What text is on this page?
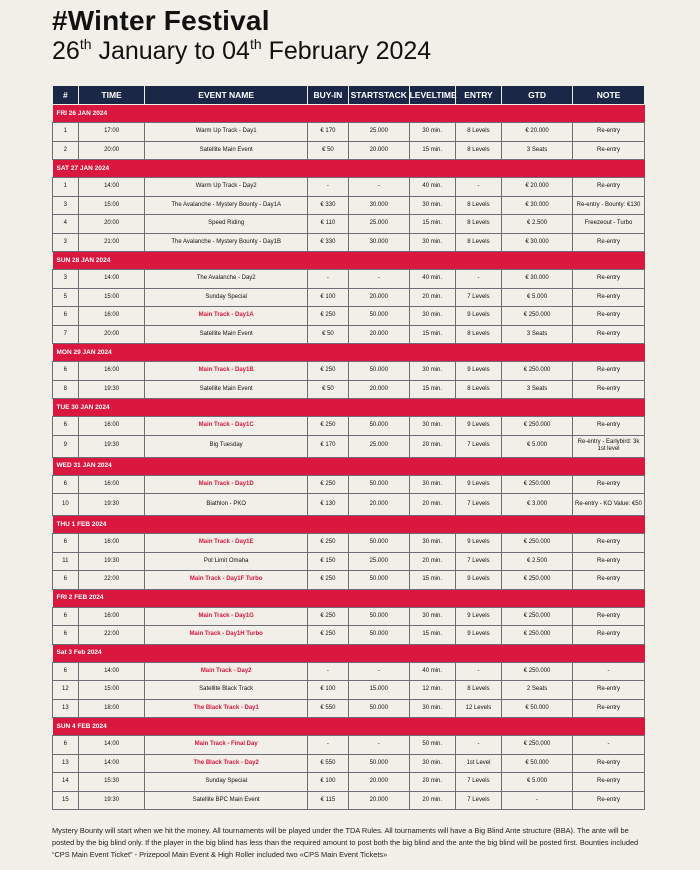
#Winter Festival
26th January to 04th February 2024
#	TIME	EVENT NAME	BUY-IN	STARTSTACK	LEVELTIME	ENTRY	GTD	NOTE
FRI 26 JAN 2024								
1	17:00	Warm Up Track - Day1	€ 170	25.000	30 min.	8 Levels	€ 20.000	Re-entry
2	20:00	Satellite Main Event	€ 50	20.000	15 min.	8 Levels	3 Seats	Re-entry
SAT 27 JAN 2024								
1	14:00	Warm Up Track - Day2	-	-	40 min.	-	€ 20.000	Re-entry
3	15:00	The Avalanche - Mystery Bounty - Day1A	€ 330	30.000	30 min.	8 Levels	€ 30.000	Re-entry - Bounty: €130
4	20:00	Speed Riding	€ 110	25.000	15 min.	8 Levels	€ 2.500	Freezeout - Turbo
3	21:00	The Avalanche - Mystery Bounty - Day1B	€ 330	30.000	30 min.	8 Levels	€ 30.000	Re-entry
SUN 28 JAN 2024								
3	14:00	The Avalanche - Day2	-	-	40 min.	-	€ 30.000	Re-entry
5	15:00	Sunday Special	€ 100	20.000	20 min.	7 Levels	€ 5.000	Re-entry
6	16:00	Main Track - Day1A	€ 250	50.000	30 min.	9 Levels	€ 250.000	Re-entry
7	20:00	Satellite Main Event	€ 50	20.000	15 min.	8 Levels	3 Seats	Re-entry
MON 29 JAN 2024								
6	16:00	Main Track - Day1B	€ 250	50.000	30 min.	9 Levels	€ 250.000	Re-entry
8	19:30	Satellite Main Event	€ 50	20.000	15 min.	8 Levels	3 Seats	Re-entry
TUE 30 JAN 2024								
6	16:00	Main Track - Day1C	€ 250	50.000	30 min.	9 Levels	€ 250.000	Re-entry
9	19:30	Big Tuesday	€ 170	25.000	20 min.	7 Levels	€ 5.000	Re-entry - Earlybird: 3k 1st level
WED 31 JAN 2024								
6	16:00	Main Track - Day1D	€ 250	50.000	30 min.	9 Levels	€ 250.000	Re-entry
10	19:30	Biathlon - PKO	€ 130	20.000	20 min.	7 Levels	€ 3.000	Re-entry - KO Value: €50
THU 1 FEB 2024								
6	16:00	Main Track - Day1E	€ 250	50.000	30 min.	9 Levels	€ 250.000	Re-entry
11	19:30	Pot Limit Omaha	€ 150	25.000	20 min.	7 Levels	€ 2.500	Re-entry
6	22:00	Main Track - Day1F Turbo	€ 250	50.000	15 min.	9 Levels	€ 250.000	Re-entry
FRI 2 FEB 2024								
6	16:00	Main Track - Day1G	€ 250	50.000	30 min.	9 Levels	€ 250.000	Re-entry
6	22:00	Main Track - Day1H Turbo	€ 250	50.000	15 min.	9 Levels	€ 250.000	Re-entry
Sat 3 Feb 2024								
6	14:00	Main Track - Day2	-	-	40 min.	-	€ 250.000	-
12	15:00	Satellite Black Track	€ 100	15.000	12 min.	8 Levels	2 Seats	Re-entry
13	18:00	The Black Track - Day1	€ 550	50.000	30 min.	12 Levels	€ 50.000	Re-entry
SUN 4 FEB 2024								
6	14:00	Main Track - Final Day	-	-	50 min.	-	€ 250.000	-
13	14:00	The Black Track - Day2	€ 550	50.000	30 min.	1st Level	€ 50.000	Re-entry
14	15:30	Sunday Special	€ 100	20.000	20 min.	7 Levels	€ 5.000	Re-entry
15	19:30	Satellite BPC Main Event	€ 115	20.000	20 min.	7 Levels	-	Re-entry
Mystery Bounty will start when we hit the money. All tournaments will be played under the TDA Rules. All tournaments will have a Big Blind Ante structure (BBA). The ante will be posted by the big blind only. If the player in the big blind has less than the required amount to post both the big blind and the ante the big blind will be posted first. Bounties included “CPS Main Event Ticket” - Prizepool Main Event & High Roller included two «CPS Main Event Tickets»
